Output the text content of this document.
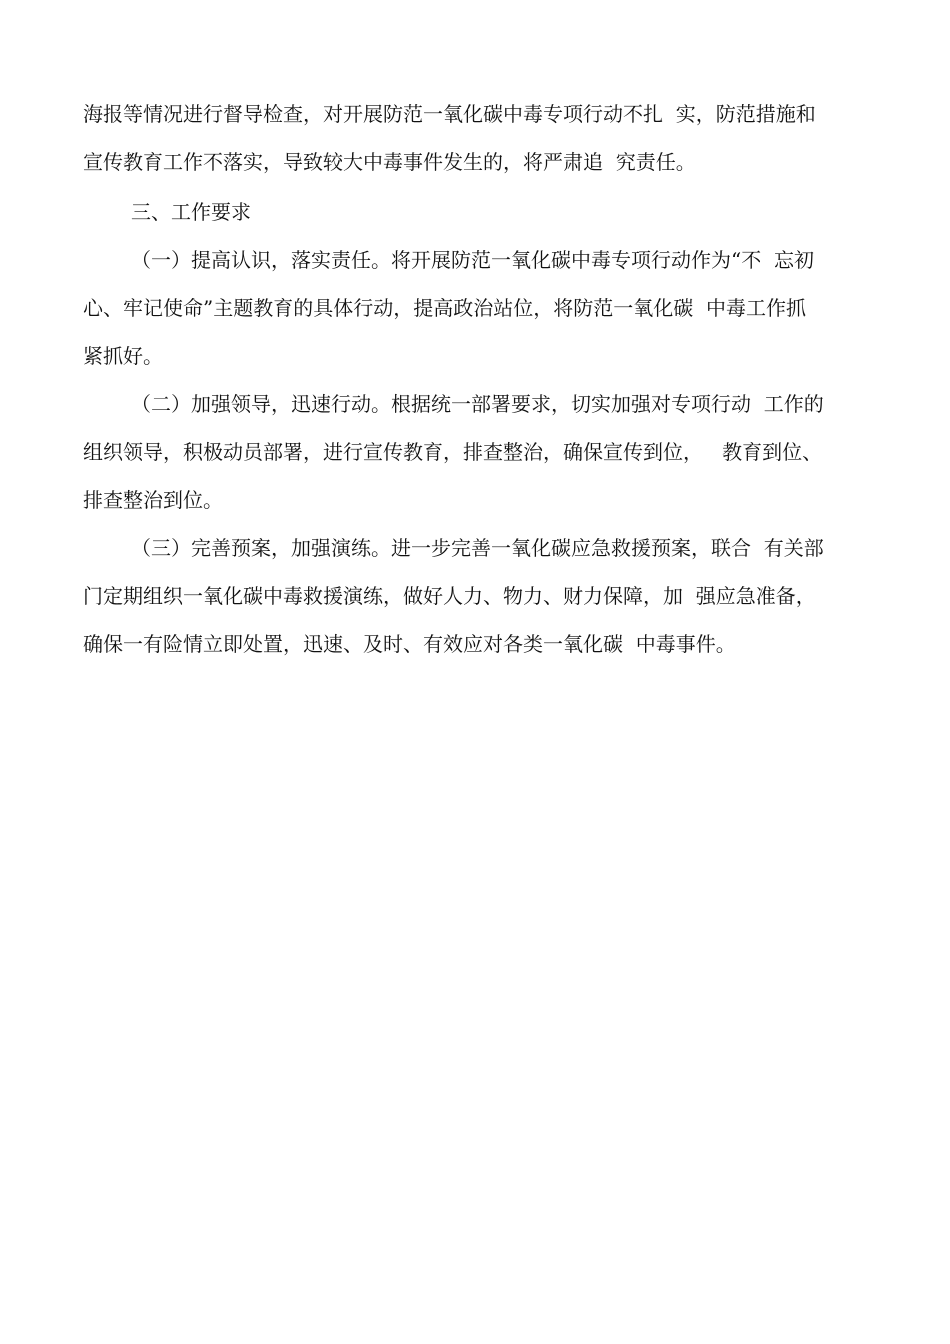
海报等情况进行督导检查，对开展防范一氧化碳中毒专项行动不扎  实，防范措施和
宣传教育工作不落实，导致较大中毒事件发生的，将严肃追  究责任。
三、工作要求
（一）提高认识，落实责任。将开展防范一氧化碳中毒专项行动作为“不  忘初
心、牢记使命”主题教育的具体行动，提高政治站位，将防范一氧化碳  中毒工作抓
紧抓好。
（二）加强领导，迅速行动。根据统一部署要求，切实加强对专项行动  工作的
组织领导，积极动员部署，进行宣传教育，排查整治，确保宣传到位，   教育到位、
排查整治到位。
（三）完善预案，加强演练。进一步完善一氧化碳应急救援预案，联合  有关部
门定期组织一氧化碳中毒救援演练，做好人力、物力、财力保障，加  强应急准备，
确保一有险情立即处置，迅速、及时、有效应对各类一氧化碳  中毒事件。
